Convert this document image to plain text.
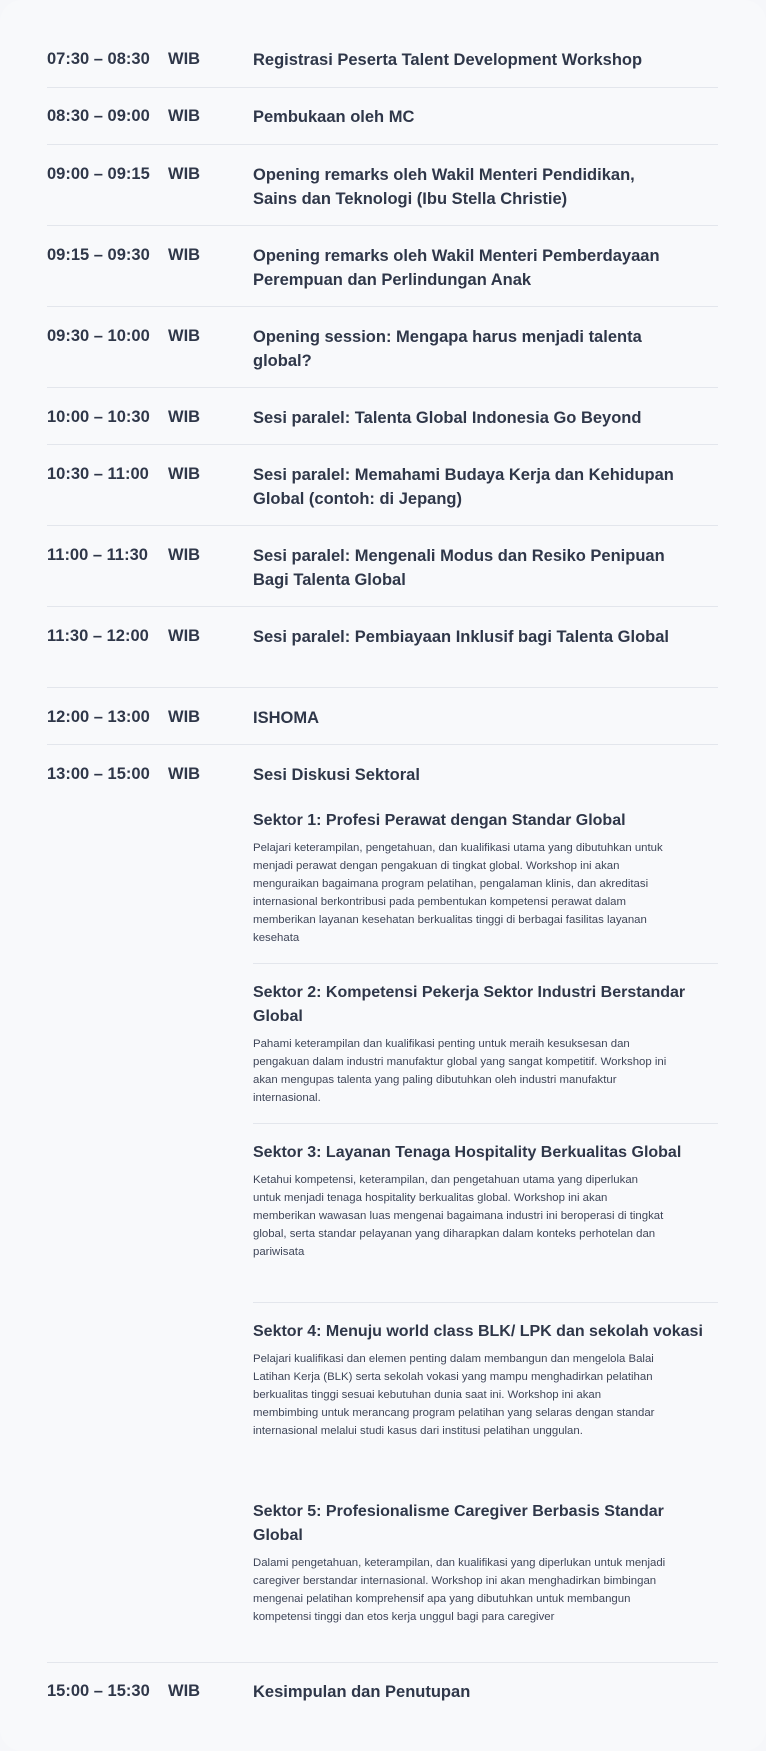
07:30 – 08:30 WIB	Registrasi Peserta Talent Development Workshop
08:30 – 09:00 WIB	Pembukaan oleh MC
09:00 – 09:15 WIB	Opening remarks oleh Wakil Menteri Pendidikan, Sains dan Teknologi (Ibu Stella Christie)
09:15 – 09:30 WIB	Opening remarks oleh Wakil Menteri Pemberdayaan Perempuan dan Perlindungan Anak
09:30 – 10:00 WIB	Opening session: Mengapa harus menjadi talenta global?
10:00 – 10:30 WIB	Sesi paralel: Talenta Global Indonesia Go Beyond
10:30 – 11:00 WIB	Sesi paralel: Memahami Budaya Kerja dan Kehidupan Global (contoh: di Jepang)
11:00 – 11:30 WIB	Sesi paralel: Mengenali Modus dan Resiko Penipuan Bagi Talenta Global
11:30 – 12:00 WIB	Sesi paralel: Pembiayaan Inklusif bagi Talenta Global
12:00 – 13:00 WIB	ISHOMA
13:00 – 15:00 WIB	Sesi Diskusi Sektoral
Sektor 1: Profesi Perawat dengan Standar Global

Pelajari keterampilan, pengetahuan, dan kualifikasi utama yang dibutuhkan untuk menjadi perawat dengan pengakuan di tingkat global. Workshop ini akan menguraikan bagaimana program pelatihan, pengalaman klinis, dan akreditasi internasional berkontribusi pada pembentukan kompetensi perawat dalam memberikan layanan kesehatan berkualitas tinggi di berbagai fasilitas layanan kesehata

Sektor 2: Kompetensi Pekerja Sektor Industri Berstandar Global

Pahami keterampilan dan kualifikasi penting untuk meraih kesuksesan dan pengakuan dalam industri manufaktur global yang sangat kompetitif. Workshop ini akan mengupas talenta yang paling dibutuhkan oleh industri manufaktur internasional.

Sektor 3: Layanan Tenaga Hospitality Berkualitas Global

Ketahui kompetensi, keterampilan, dan pengetahuan utama yang diperlukan untuk menjadi tenaga hospitality berkualitas global. Workshop ini akan memberikan wawasan luas mengenai bagaimana industri ini beroperasi di tingkat global, serta standar pelayanan yang diharapkan dalam konteks perhotelan dan pariwisata

Sektor 4: Menuju world class BLK/ LPK dan sekolah vokasi

Pelajari kualifikasi dan elemen penting dalam membangun dan mengelola Balai Latihan Kerja (BLK) serta sekolah vokasi yang mampu menghadirkan pelatihan berkualitas tinggi sesuai kebutuhan dunia saat ini. Workshop ini akan membimbing untuk merancang program pelatihan yang selaras dengan standar internasional melalui studi kasus dari institusi pelatihan unggulan.

Sektor 5: Profesionalisme Caregiver Berbasis Standar Global

Dalami pengetahuan, keterampilan, dan kualifikasi yang diperlukan untuk menjadi caregiver berstandar internasional. Workshop ini akan menghadirkan bimbingan mengenai pelatihan komprehensif apa yang dibutuhkan untuk membangun kompetensi tinggi dan etos kerja unggul bagi para caregiver

15:00 – 15:30 WIB	Kesimpulan dan Penutupan
